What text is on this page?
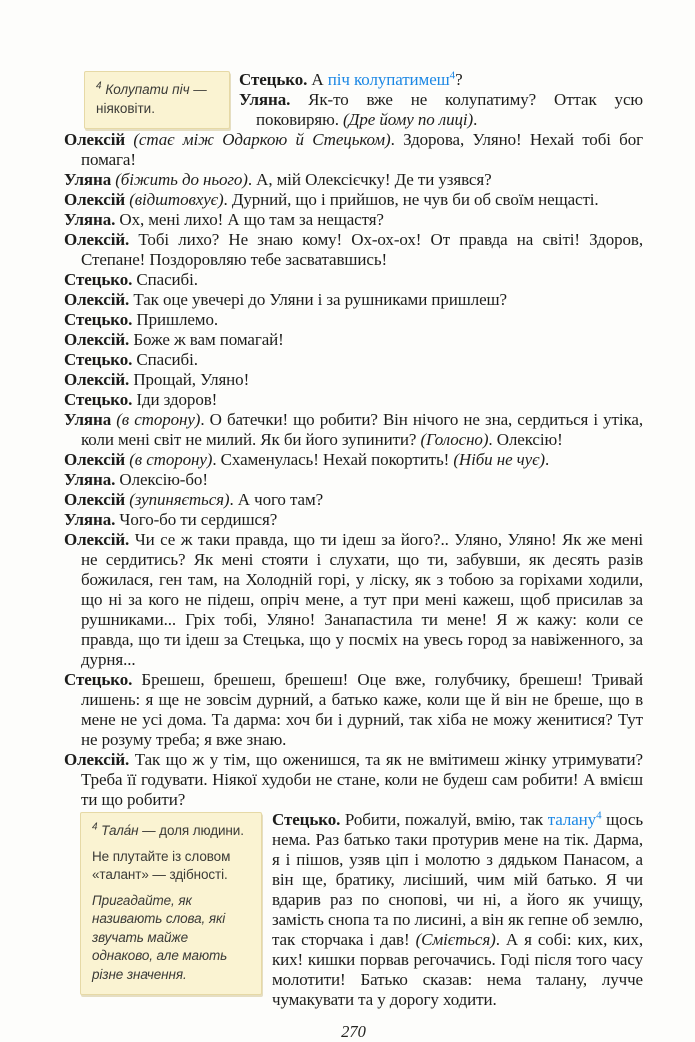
$^4$ Колупати піч — ніяковіти.

Стецько. А піч колупатимеш$^4$?

Уляна. Як-то вже не колупатиму? Оттак усю поковиряю. (Дре йому по лиці).

Олексій (стає між Одаркою й Стецьком). Здорова, Уляно! Нехай тобі бог помага!

Уляна (біжить до нього). А, мій Олексієчку! Де ти узявся?

Олексій (відштовхує). Дурний, що і прийшов, не чув би об своїм нещасті.

Уляна. Ох, мені лихо! А що там за нещастя?

Олексій. Тобі лихо? Не знаю кому! Ох-ох-ох! От правда на світі! Здоров, Степане! Поздоровляю тебе засватавшись!

Стецько. Спасибі.

Олексій. Так оце увечері до Уляни і за рушниками пришлеш?

Стецько. Пришлемо.

Олексій. Боже ж вам помагай!

Стецько. Спасибі.

Олексій. Прощай, Уляно!

Стецько. Іди здоров!

Уляна (в сторону). О батечки! що робити? Він нічого не зна, сердиться і утіка, коли мені світ не милий. Як би його зупинити? (Голосно). Олексію!

Олексій (в сторону). Схаменулась! Нехай покортить! (Ніби не чує).

Уляна. Олексію-бо!

Олексій (зупиняється). А чого там?

Уляна. Чого-бо ти сердишся?

Олексій. Чи се ж таки правда, що ти ідеш за його?.. Уляно, Уляно! Як же мені не сердитись? Як мені стояти і слухати, що ти, забувши, як десять разів божилася, ген там, на Холодній горі, у ліску, як з тобою за горіхами ходили, що ні за кого не підеш, опріч мене, а тут при мені кажеш, щоб присилав за рушниками... Гріх тобі, Уляно! Занапастила ти мене! Я ж кажу: коли се правда, що ти ідеш за Стецька, що у посміх на увесь город за навіженного, за дурня...

Стецько. Брешеш, брешеш, брешеш! Оце вже, голубчику, брешеш! Тривай лишень: я ще не зовсім дурний, а батько каже, коли ще й він не бреше, що в мене не усі дома. Та дарма: хоч би і дурний, так хіба не можу женитися? Тут не розуму треба; я вже знаю.

Олексій. Так що ж у тім, що оженишся, та як не вмітимеш жінку утримувати? Треба її годувати. Ніякої худоби не стане, коли не будеш сам робити! А вмієш ти що робити?

$^4$ Тала́н — доля людини.

Не плутайте із словом «талант» — здібності.

Пригадайте, як називають слова, які звучать майже однаково, але мають різне значення.

Стецько. Робити, пожалуй, вмію, так талану$^4$ щось нема. Раз батько таки протурив мене на тік. Дарма, я і пішов, узяв ціп і молотю з дядьком Панасом, а він ще, братику, лисіший, чим мій батько. Я чи вдарив раз по снопові, чи ні, а його як учищу, замість снопа та по лисині, а він як гепне об землю, так сторчака і дав! (Сміється). А я собі: ких, ких, ких! кишки порвав регочачись. Годі після того часу молотити! Батько сказав: нема талану, лучче чумакувати та у дорогу ходити.

270
